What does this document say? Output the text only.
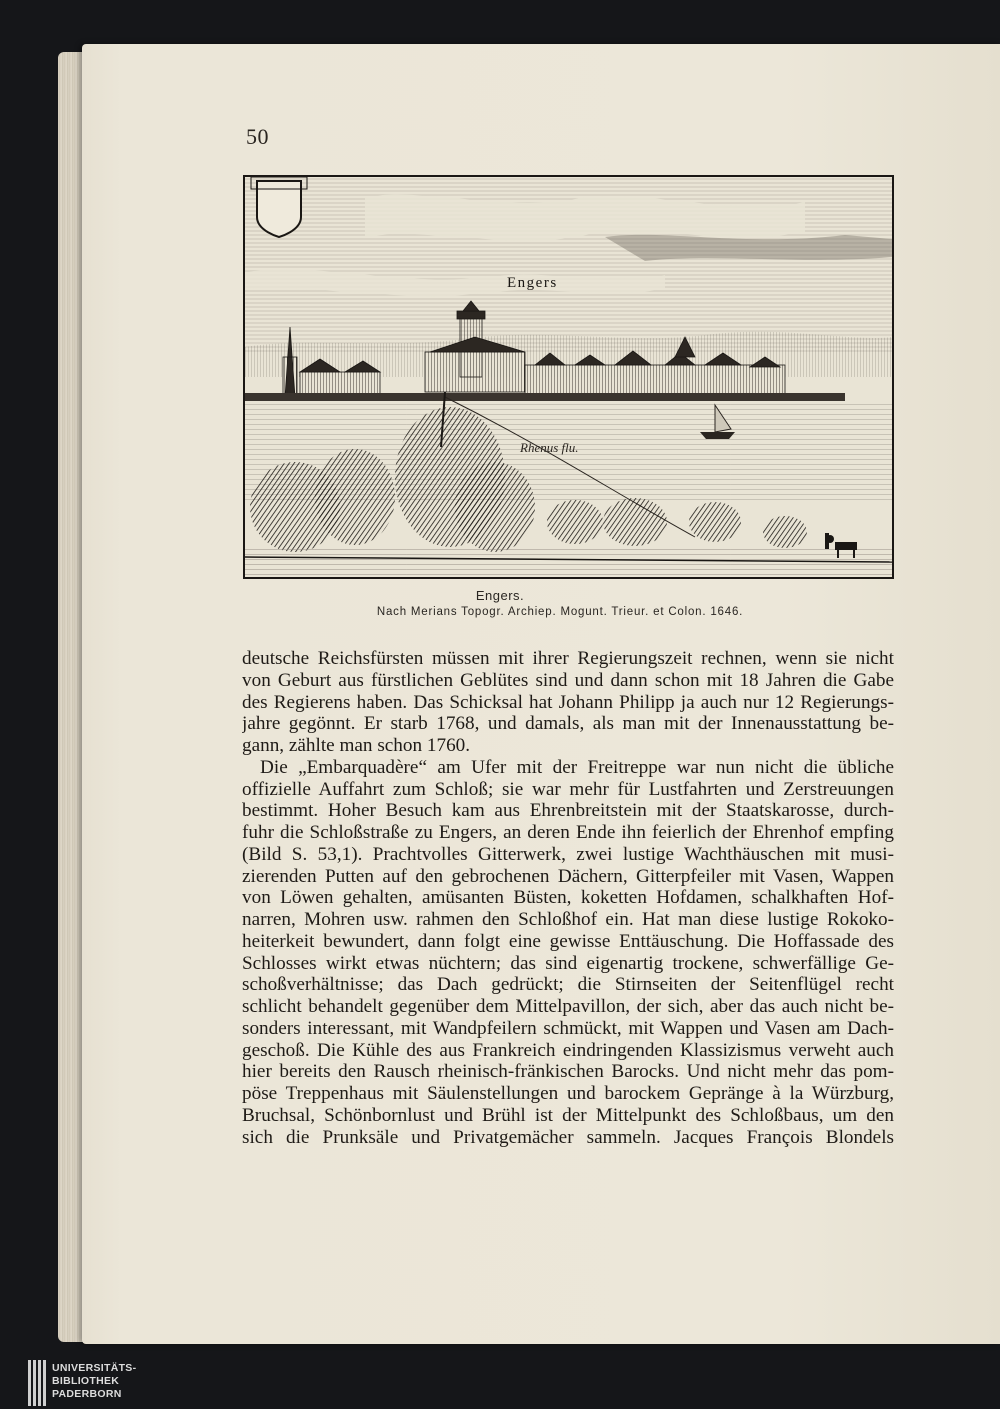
50
Engers
Rhenus flu.
Engers.
Nach Merians Topogr. Archiep. Mogunt. Trieur. et Colon. 1646.
deutsche Reichsfürsten müssen mit ihrer Regierungszeit rechnen, wenn sie nicht
von Geburt aus fürstlichen Geblütes sind und dann schon mit 18 Jahren die Gabe
des Regierens haben. Das Schicksal hat Johann Philipp ja auch nur 12 Regierungs-
jahre gegönnt. Er starb 1768, und damals, als man mit der Innenausstattung be-
gann, zählte man schon 1760.
Die „Embarquadère“ am Ufer mit der Freitreppe war nun nicht die übliche
offizielle Auffahrt zum Schloß; sie war mehr für Lustfahrten und Zerstreuungen
bestimmt. Hoher Besuch kam aus Ehrenbreitstein mit der Staatskarosse, durch-
fuhr die Schloßstraße zu Engers, an deren Ende ihn feierlich der Ehrenhof empfing
(Bild S. 53,1). Prachtvolles Gitterwerk, zwei lustige Wachthäuschen mit musi-
zierenden Putten auf den gebrochenen Dächern, Gitterpfeiler mit Vasen, Wappen
von Löwen gehalten, amüsanten Büsten, koketten Hofdamen, schalkhaften Hof-
narren, Mohren usw. rahmen den Schloßhof ein. Hat man diese lustige Rokoko-
heiterkeit bewundert, dann folgt eine gewisse Enttäuschung. Die Hoffassade des
Schlosses wirkt etwas nüchtern; das sind eigenartig trockene, schwerfällige Ge-
schoßverhältnisse; das Dach gedrückt; die Stirnseiten der Seitenflügel recht
schlicht behandelt gegenüber dem Mittelpavillon, der sich, aber das auch nicht be-
sonders interessant, mit Wandpfeilern schmückt, mit Wappen und Vasen am Dach-
geschoß. Die Kühle des aus Frankreich eindringenden Klassizismus verweht auch
hier bereits den Rausch rheinisch-fränkischen Barocks. Und nicht mehr das pom-
pöse Treppenhaus mit Säulenstellungen und barockem Gepränge à la Würzburg,
Bruchsal, Schönbornlust und Brühl ist der Mittelpunkt des Schloßbaus, um den
sich die Prunksäle und Privatgemächer sammeln. Jacques François Blondels
UNIVERSITÄTS-
BIBLIOTHEK
PADERBORN
